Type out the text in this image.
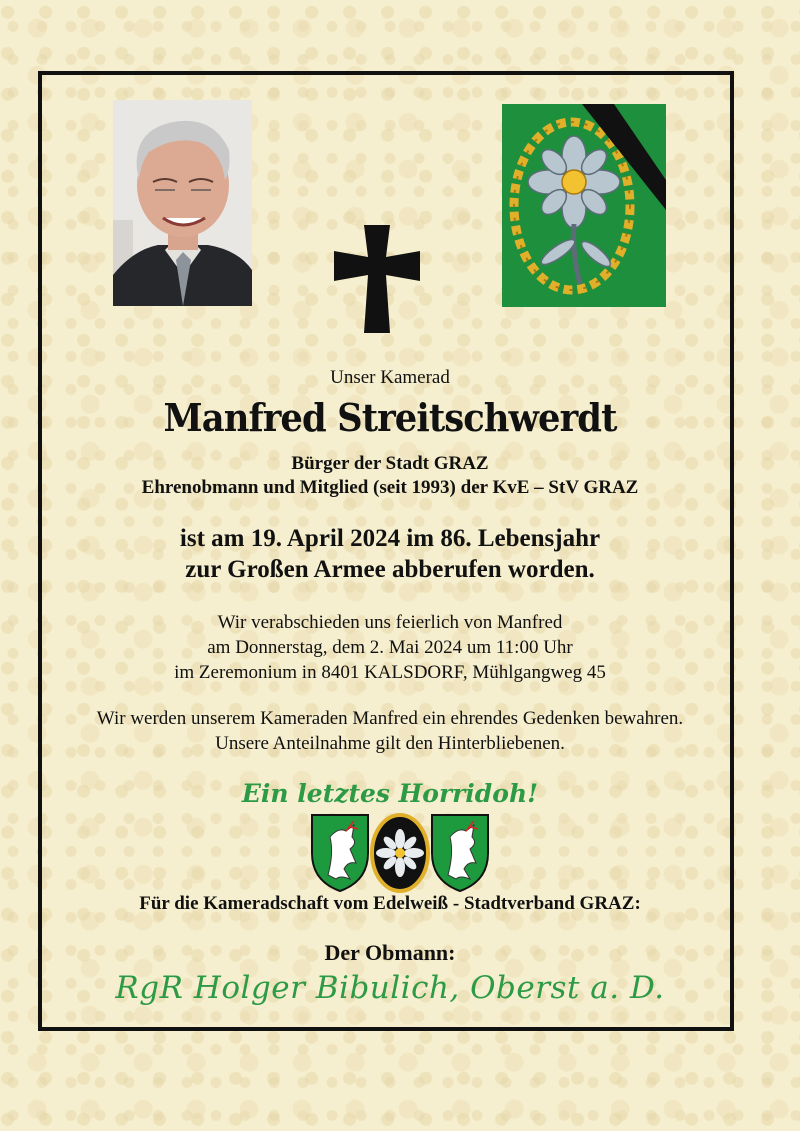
Unser Kamerad
Manfred Streitschwerdt
Bürger der Stadt GRAZ
Ehrenobmann und Mitglied (seit 1993) der KvE – StV GRAZ
ist am 19. April 2024 im 86. Lebensjahr
zur Großen Armee abberufen worden.
Wir verabschieden uns feierlich von Manfred
am Donnerstag, dem 2. Mai 2024 um 11:00 Uhr
im Zeremonium in 8401 KALSDORF, Mühlgangweg 45
Wir werden unserem Kameraden Manfred ein ehrendes Gedenken bewahren.
Unsere Anteilnahme gilt den Hinterbliebenen.
Ein letztes Horridoh!
Für die Kameradschaft vom Edelweiß - Stadtverband GRAZ:
Der Obmann:
RgR Holger Bibulich, Oberst a. D.
